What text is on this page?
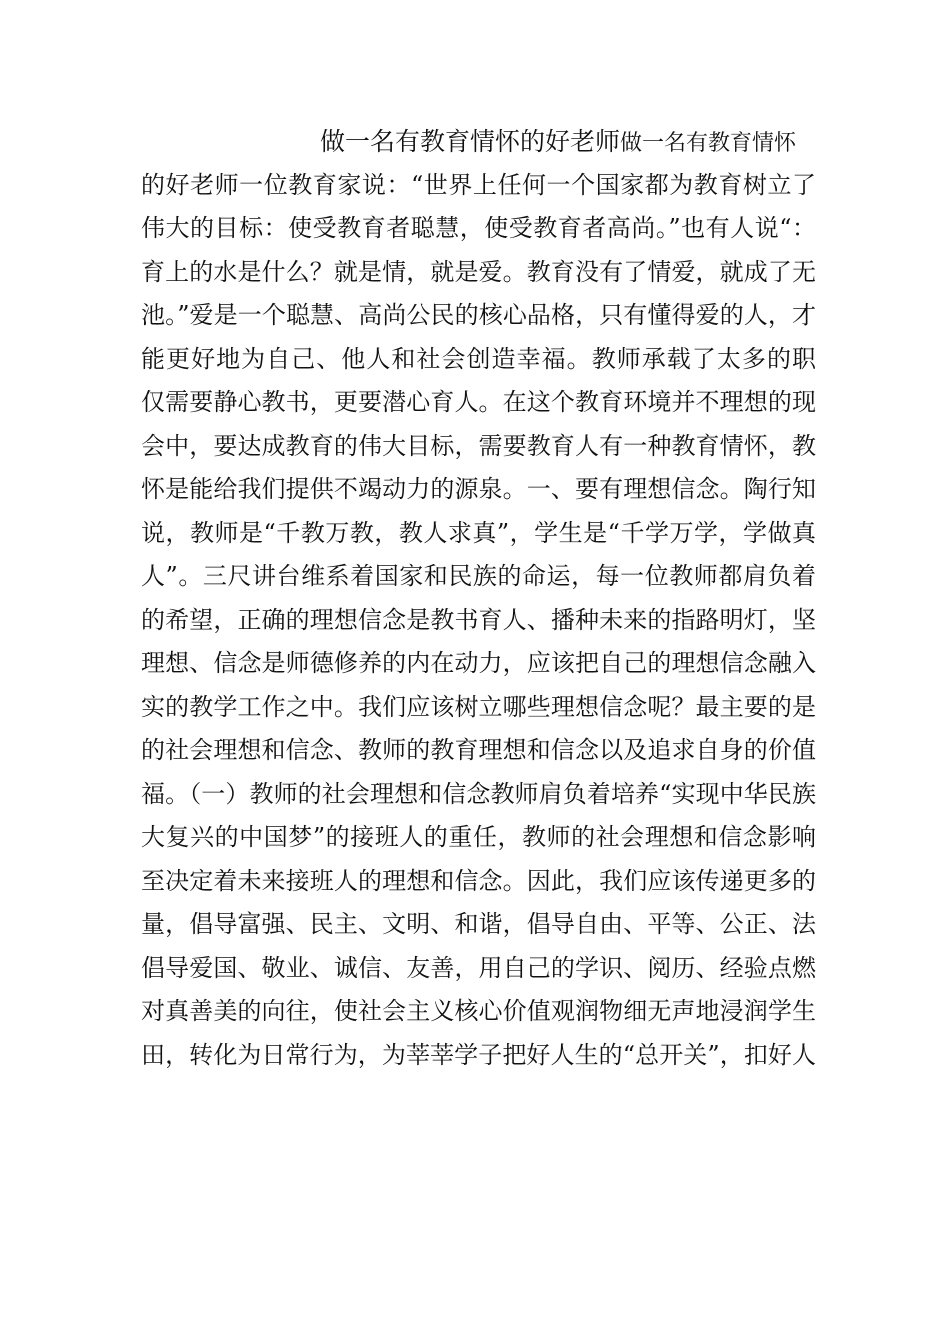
做一名有教育情怀的好老师做一名有教育情怀
的好老师一位教育家说：“世界上任何一个国家都为教育树立了
伟大的目标：使受教育者聪慧，使受教育者高尚。”也有人说“：
育上的水是什么？就是情，就是爱。教育没有了情爱，就成了无
池。”爱是一个聪慧、高尚公民的核心品格，只有懂得爱的人，才
能更好地为自己、他人和社会创造幸福。教师承载了太多的职
仅需要静心教书，更要潜心育人。在这个教育环境并不理想的现
会中，要达成教育的伟大目标，需要教育人有一种教育情怀，教
怀是能给我们提供不竭动力的源泉。一、要有理想信念。陶行知
说，教师是“千教万教，教人求真”，学生是“千学万学，学做真
人”。三尺讲台维系着国家和民族的命运，每一位教师都肩负着
的希望，正确的理想信念是教书育人、播种未来的指路明灯，坚
理想、信念是师德修养的内在动力，应该把自己的理想信念融入
实的教学工作之中。我们应该树立哪些理想信念呢？最主要的是
的社会理想和信念、教师的教育理想和信念以及追求自身的价值
福。（一）教师的社会理想和信念教师肩负着培养“实现中华民族
大复兴的中国梦”的接班人的重任，教师的社会理想和信念影响
至决定着未来接班人的理想和信念。因此，我们应该传递更多的
量，倡导富强、民主、文明、和谐，倡导自由、平等、公正、法
倡导爱国、敬业、诚信、友善，用自己的学识、阅历、经验点燃
对真善美的向往，使社会主义核心价值观润物细无声地浸润学生
田，转化为日常行为，为莘莘学子把好人生的“总开关”，扣好人
